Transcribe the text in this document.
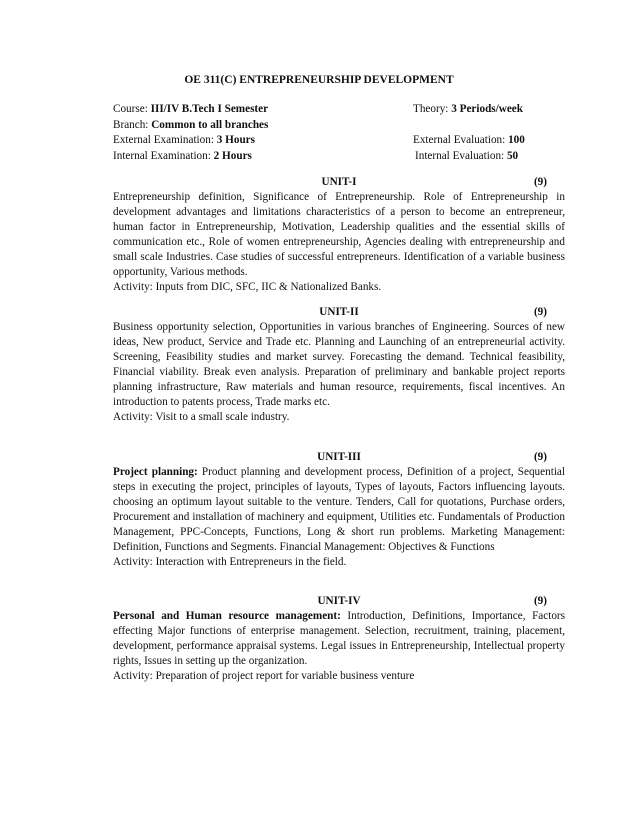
OE 311(C) ENTREPRENEURSHIP DEVELOPMENT
Course: III/IV B.Tech I Semester	Theory: 3 Periods/week
Branch: Common to all branches
External Examination: 3 Hours	External Evaluation: 100
Internal Examination: 2 Hours	Internal Evaluation: 50
UNIT-I	(9)

Entrepreneurship definition, Significance of Entrepreneurship. Role of Entrepreneurship in development advantages and limitations characteristics of a person to become an entrepreneur, human factor in Entrepreneurship, Motivation, Leadership qualities and the essential skills of communication etc., Role of women entrepreneurship, Agencies dealing with entrepreneurship and small scale Industries. Case studies of successful entrepreneurs. Identification of a variable business opportunity, Various methods.

Activity: Inputs from DIC, SFC, IIC & Nationalized Banks.

UNIT-II	(9)

Business opportunity selection, Opportunities in various branches of Engineering. Sources of new ideas, New product, Service and Trade etc. Planning and Launching of an entrepreneurial activity. Screening, Feasibility studies and market survey. Forecasting the demand. Technical feasibility, Financial viability. Break even analysis. Preparation of preliminary and bankable project reports planning infrastructure, Raw materials and human resource, requirements, fiscal incentives. An introduction to patents process, Trade marks etc.

Activity: Visit to a small scale industry.

UNIT-III	(9)

Project planning: Product planning and development process, Definition of a project, Sequential steps in executing the project, principles of layouts, Types of layouts, Factors influencing layouts. choosing an optimum layout suitable to the venture. Tenders, Call for quotations, Purchase orders, Procurement and installation of machinery and equipment, Utilities etc. Fundamentals of Production Management, PPC-Concepts, Functions, Long & short run problems. Marketing Management: Definition, Functions and Segments. Financial Management: Objectives & Functions

Activity: Interaction with Entrepreneurs in the field.

UNIT-IV	(9)

Personal and Human resource management: Introduction, Definitions, Importance, Factors effecting Major functions of enterprise management. Selection, recruitment, training, placement, development, performance appraisal systems. Legal issues in Entrepreneurship, Intellectual property rights, Issues in setting up the organization.

Activity: Preparation of project report for variable business venture
